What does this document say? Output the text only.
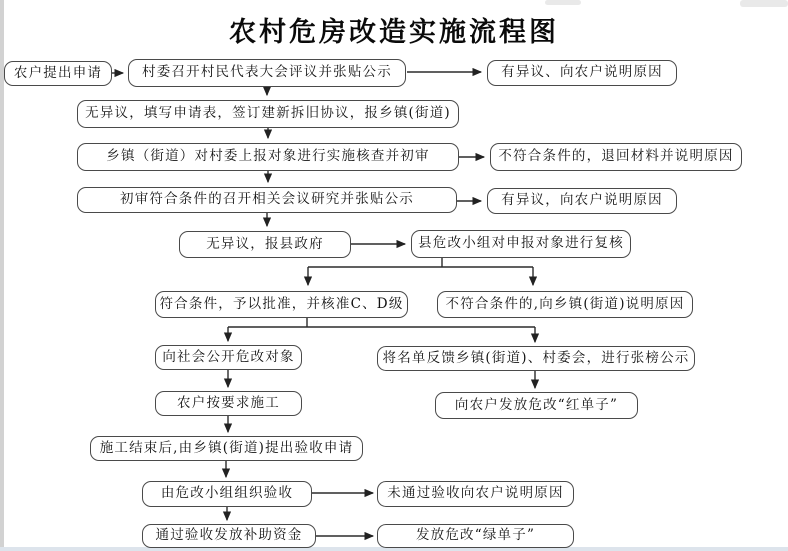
农村危房改造实施流程图
农户提出申请	村委召开村民代表大会评议并张贴公示	有异议、向农户说明原因
无异议，填写申请表，签订建新拆旧协议，报乡镇(街道)
乡镇（街道）对村委上报对象进行实施核查并初审	不符合条件的，退回材料并说明原因
初审符合条件的召开相关会议研究并张贴公示	有异议，向农户说明原因
无异议，报县政府	县危改小组对申报对象进行复核
符合条件，予以批准，并核准C、D级	不符合条件的,向乡镇(街道)说明原因
向社会公开危改对象	将名单反馈乡镇(街道)、村委会，进行张榜公示
农户按要求施工	向农户发放危改“红单子”
施工结束后,由乡镇(街道)提出验收申请
由危改小组组织验收	未通过验收向农户说明原因
通过验收发放补助资金	发放危改“绿单子”
